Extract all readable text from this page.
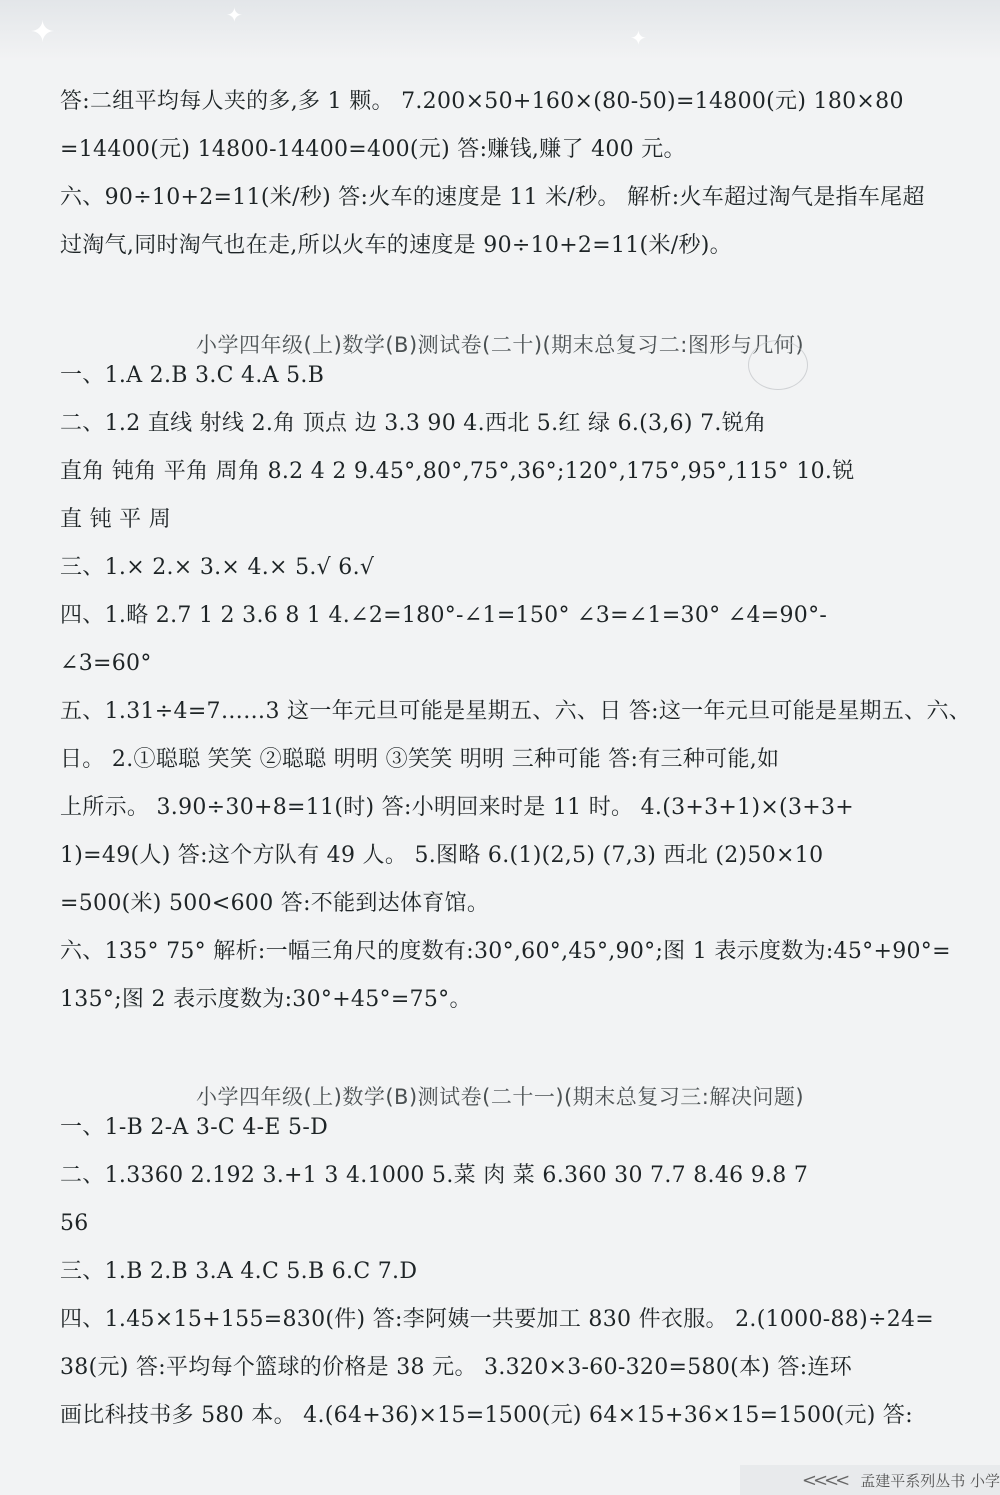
✦	✦
✦
小学四年级(上)数学(B)测试卷(二十)(期末总复习二:图形与几何)
小学四年级(上)数学(B)测试卷(二十一)(期末总复习三:解决问题)
答:二组平均每人夹的多,多 1 颗。 7.200×50+160×(80-50)=14800(元) 180×80
=14400(元) 14800-14400=400(元) 答:赚钱,赚了 400 元。
六、90÷10+2=11(米/秒) 答:火车的速度是 11 米/秒。 解析:火车超过淘气是指车尾超
过淘气,同时淘气也在走,所以火车的速度是 90÷10+2=11(米/秒)。
一、1.A 2.B 3.C 4.A 5.B
二、1.2 直线 射线 2.角 顶点 边 3.3 90 4.西北 5.红 绿 6.(3,6) 7.锐角
直角 钝角 平角 周角 8.2 4 2 9.45°,80°,75°,36°;120°,175°,95°,115° 10.锐
直 钝 平 周
三、1.× 2.× 3.× 4.× 5.√ 6.√
四、1.略 2.7 1 2 3.6 8 1 4.∠2=180°-∠1=150° ∠3=∠1=30° ∠4=90°-
∠3=60°
五、1.31÷4=7……3 这一年元旦可能是星期五、六、日 答:这一年元旦可能是星期五、六、
日。 2.①聪聪 笑笑 ②聪聪 明明 ③笑笑 明明 三种可能 答:有三种可能,如
上所示。 3.90÷30+8=11(时) 答:小明回来时是 11 时。 4.(3+3+1)×(3+3+
1)=49(人) 答:这个方队有 49 人。 5.图略 6.(1)(2,5) (7,3) 西北 (2)50×10
=500(米) 500<600 答:不能到达体育馆。
六、135° 75° 解析:一幅三角尺的度数有:30°,60°,45°,90°;图 1 表示度数为:45°+90°=
135°;图 2 表示度数为:30°+45°=75°。
一、1-B 2-A 3-C 4-E 5-D
二、1.3360 2.192 3.+1 3 4.1000 5.菜 肉 菜 6.360 30 7.7 8.46 9.8 7
56
三、1.B 2.B 3.A 4.C 5.B 6.C 7.D
四、1.45×15+155=830(件) 答:李阿姨一共要加工 830 件衣服。 2.(1000-88)÷24=
38(元) 答:平均每个篮球的价格是 38 元。 3.320×3-60-320=580(本) 答:连环
画比科技书多 580 本。 4.(64+36)×15=1500(元) 64×15+36×15=1500(元) 答:
<<<< 孟建平系列丛书 小学
